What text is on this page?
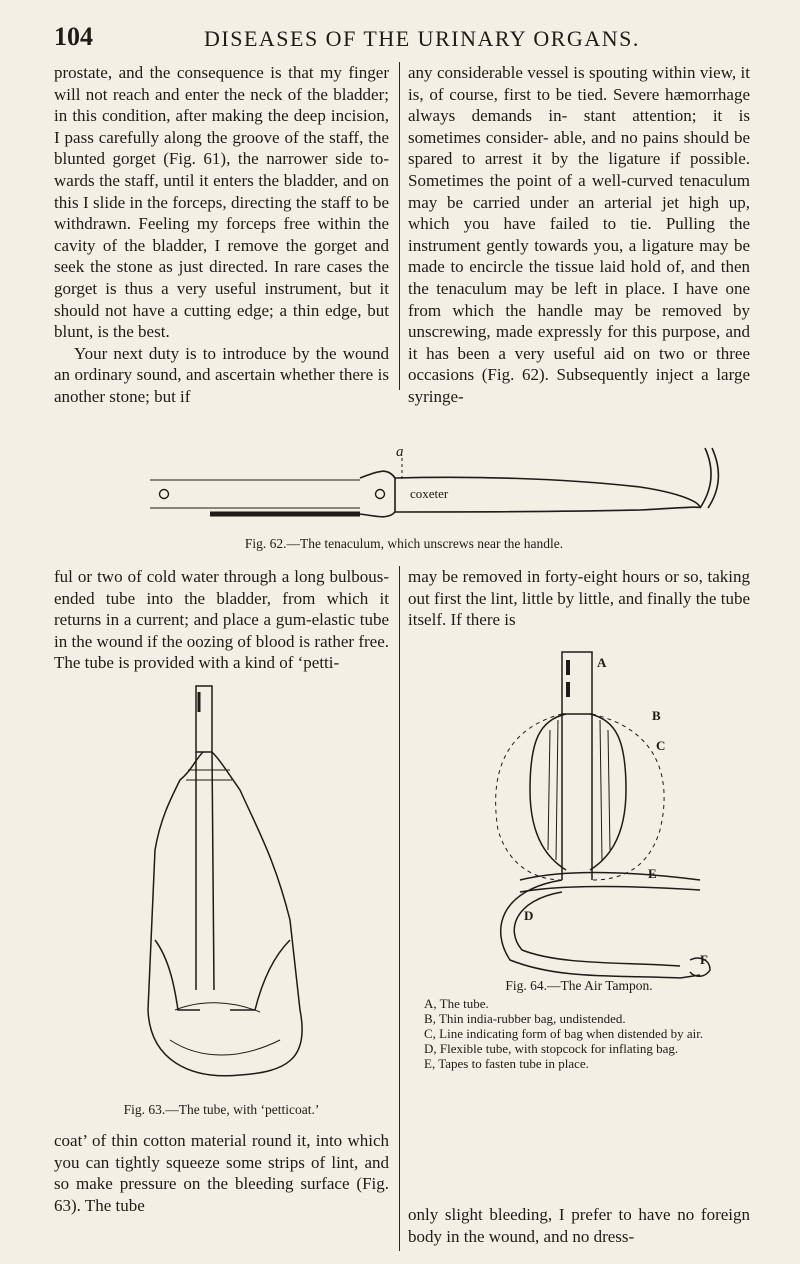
104	DISEASES OF THE URINARY ORGANS.

prostate, and the consequence is that my finger will not reach and enter the neck of the bladder; in this condition, after making the deep incision, I pass carefully along the groove of the staff, the blunted gorget (Fig. 61), the narrower side to- wards the staff, until it enters the bladder, and on this I slide in the forceps, directing the staff to be withdrawn. Feeling my forceps free within the cavity of the bladder, I remove the gorget and seek the stone as just directed. In rare cases the gorget is thus a very useful instrument, but it should not have a cutting edge; a thin edge, but blunt, is the best.

Your next duty is to introduce by the wound an ordinary sound, and ascertain whether there is another stone; but if

any considerable vessel is spouting within view, it is, of course, first to be tied. Severe hæmorrhage always demands in- stant attention; it is sometimes consider- able, and no pains should be spared to arrest it by the ligature if possible. Sometimes the point of a well-curved tenaculum may be carried under an arterial jet high up, which you have failed to tie. Pulling the instrument gently towards you, a ligature may be made to encircle the tissue laid hold of, and then the tenaculum may be left in place. I have one from which the handle may be removed by unscrewing, made expressly for this purpose, and it has been a very useful aid on two or three occasions (Fig. 62). Subsequently inject a large syringe-

a
coxeter
Fig. 62.—The tenaculum, which unscrews near the handle.

ful or two of cold water through a long bulbous-ended tube into the bladder, from which it returns in a current; and place a gum-elastic tube in the wound if the oozing of blood is rather free. The tube is provided with a kind of ‘petti-

may be removed in forty-eight hours or so, taking out first the lint, little by little, and finally the tube itself. If there is

Fig. 63.—The tube, with ‘petticoat.’

coat’ of thin cotton material round it, into which you can tightly squeeze some strips of lint, and so make pressure on the bleeding surface (Fig. 63). The tube

A
B
C
D
E
F
Fig. 64.—The Air Tampon.
A, The tube.
B, Thin india-rubber bag, undistended.
C, Line indicating form of bag when distended by air.
D, Flexible tube, with stopcock for inflating bag.
E, Tapes to fasten tube in place.

only slight bleeding, I prefer to have no foreign body in the wound, and no dress-
